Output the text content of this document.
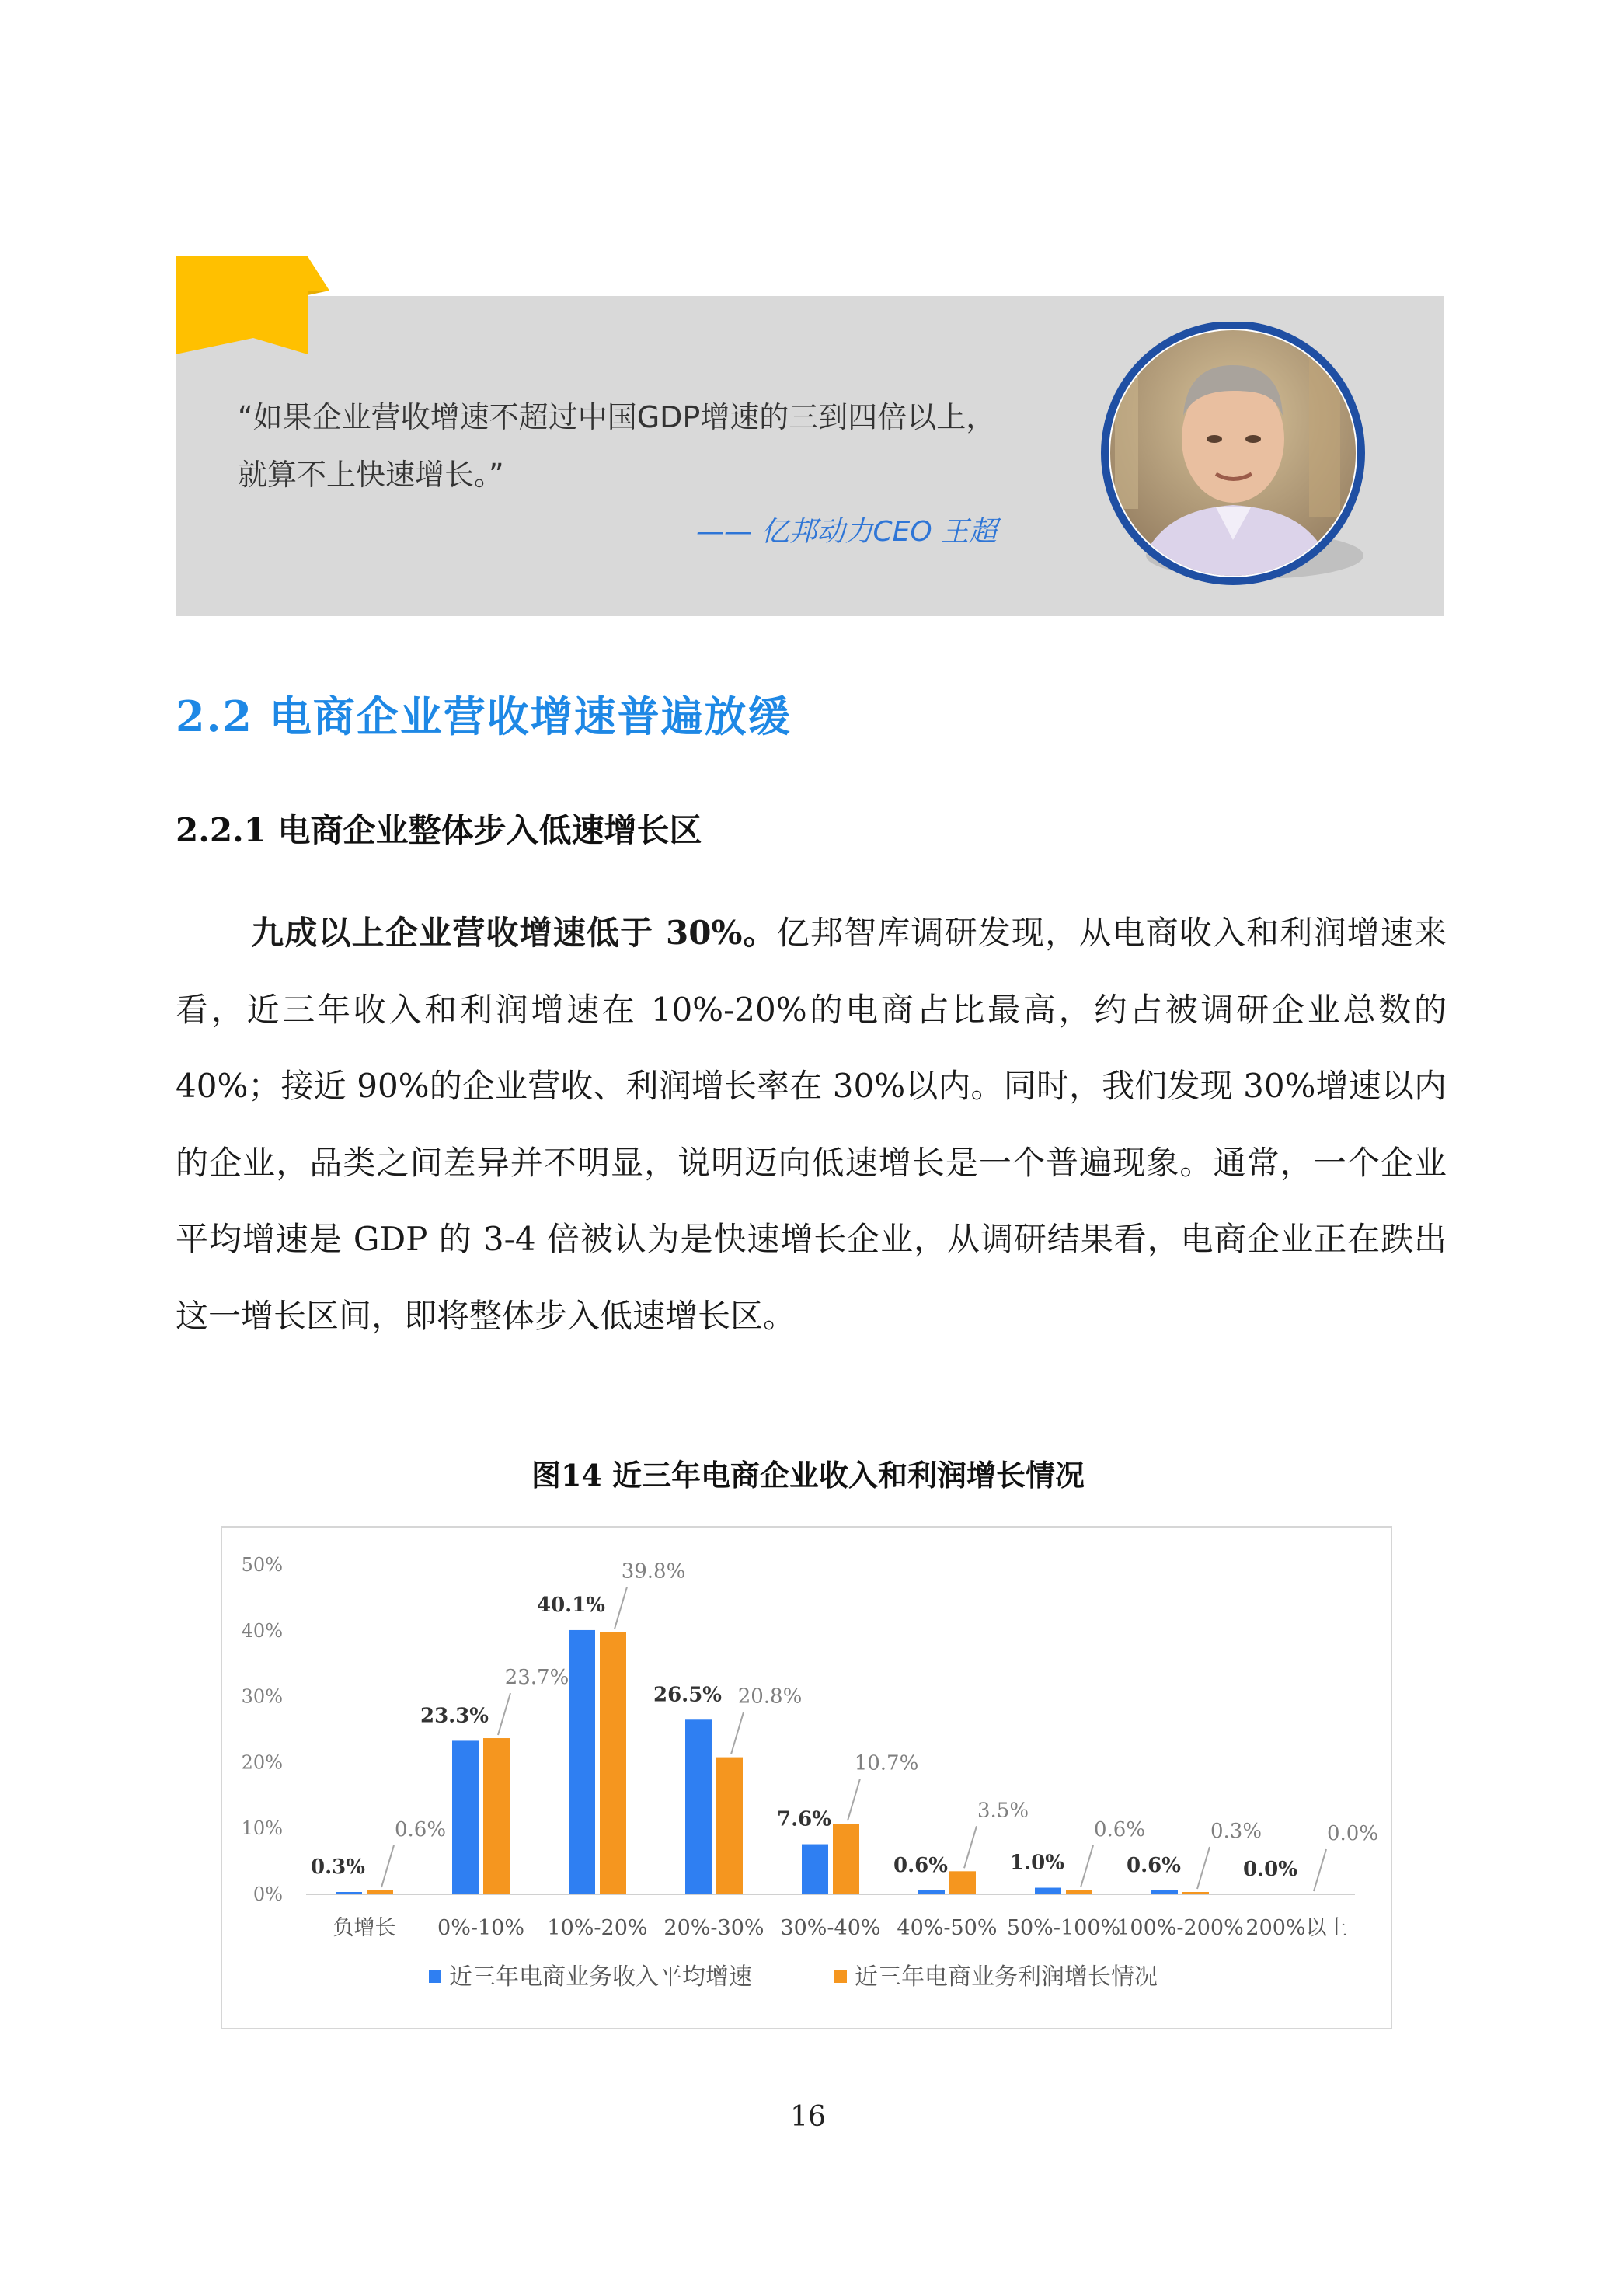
“如果企业营收增速不超过中国GDP增速的三到四倍以上，
就算不上快速增长。”
—— 亿邦动力CEO 王超
2.2 电商企业营收增速普遍放缓
2.2.1 电商企业整体步入低速增长区
九成以上企业营收增速低于 30%。亿邦智库调研发现，从电商收入和利润增速来看，近三年收入和利润增速在 10%-20%的电商占比最高，约占被调研企业总数的 40%；接近 90%的企业营收、利润增长率在 30%以内。同时，我们发现 30%增速以内的企业，品类之间差异并不明显，说明迈向低速增长是一个普遍现象。通常，一个企业平均增速是 GDP 的 3-4 倍被认为是快速增长企业，从调研结果看，电商企业正在跌出这一增长区间，即将整体步入低速增长区。
图14 近三年电商企业收入和利润增长情况
0%
10%
20%
30%
40%
50%
负增长
0.3%
0.6%
0%-10%
23.3%
23.7%
10%-20%
40.1%
39.8%
20%-30%
26.5% 20.8%
30%-40%
7.6%
10.7%
40%-50%
0.6%
3.5%
50%-100%
1.0%
0.6%
100%-200%
0.6%
0.3%
200%以上
0.0%
0.0%
近三年电商业务收入平均增速	近三年电商业务利润增长情况
16
